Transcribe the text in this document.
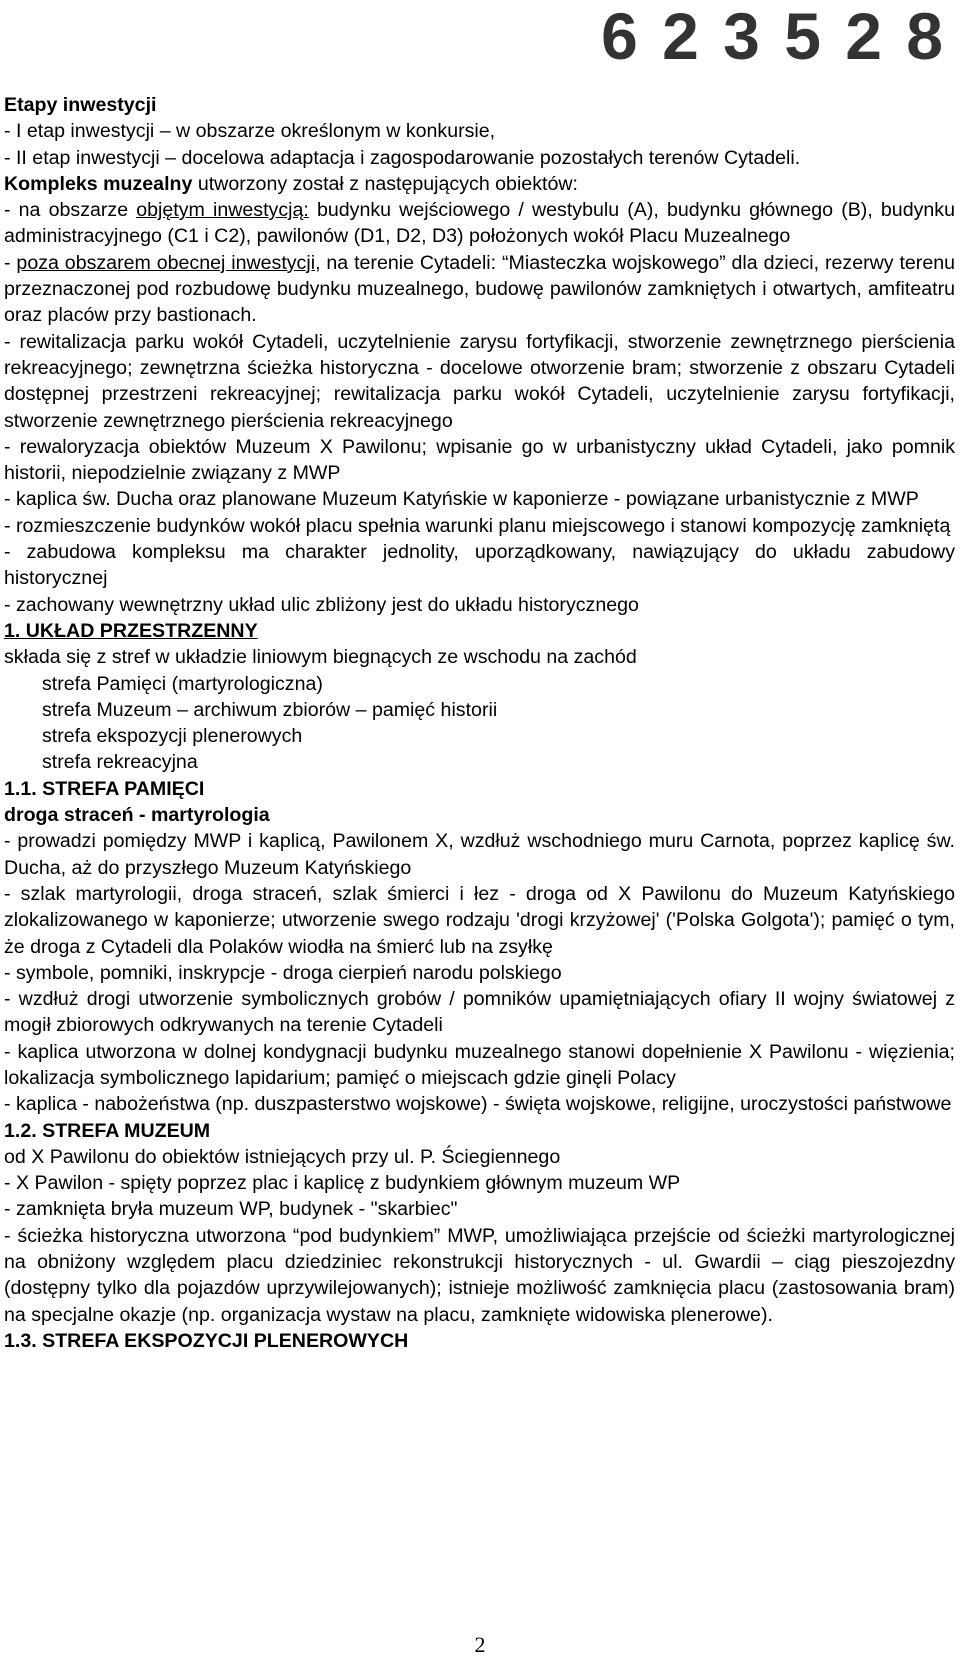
6 2 3 5 2 8

Etapy inwestycji

- I etap inwestycji – w obszarze określonym w konkursie,

- II etap inwestycji – docelowa adaptacja i zagospodarowanie pozostałych terenów Cytadeli.

Kompleks muzealny utworzony został z następujących obiektów:

- na obszarze objętym inwestycją: budynku wejściowego / westybulu (A), budynku głównego (B), budynku administracyjnego (C1 i C2), pawilonów (D1, D2, D3) położonych wokół Placu Muzealnego

- poza obszarem obecnej inwestycji, na terenie Cytadeli: “Miasteczka wojskowego” dla dzieci, rezerwy terenu przeznaczonej pod rozbudowę budynku muzealnego, budowę pawilonów zamkniętych i otwartych, amfiteatru oraz placów przy bastionach.

- rewitalizacja parku wokół Cytadeli, uczytelnienie zarysu fortyfikacji, stworzenie zewnętrznego pierścienia rekreacyjnego; zewnętrzna ścieżka historyczna - docelowe otworzenie bram; stworzenie z obszaru Cytadeli dostępnej przestrzeni rekreacyjnej; rewitalizacja parku wokół Cytadeli, uczytelnienie zarysu fortyfikacji, stworzenie zewnętrznego pierścienia rekreacyjnego

- rewaloryzacja obiektów Muzeum X Pawilonu; wpisanie go w urbanistyczny układ Cytadeli, jako pomnik historii, niepodzielnie związany z MWP

- kaplica św. Ducha oraz planowane Muzeum Katyńskie w kaponierze - powiązane urbanistycznie z MWP

- rozmieszczenie budynków wokół placu spełnia warunki planu miejscowego i stanowi kompozycję zamkniętą

- zabudowa kompleksu ma charakter jednolity, uporządkowany, nawiązujący do układu zabudowy historycznej

- zachowany wewnętrzny układ ulic zbliżony jest do układu historycznego

1. UKŁAD PRZESTRZENNY

składa się z stref w układzie liniowym biegnących ze wschodu na zachód

strefa Pamięci (martyrologiczna)

strefa Muzeum – archiwum zbiorów – pamięć historii

strefa ekspozycji plenerowych

strefa rekreacyjna

1.1. STREFA PAMIĘCI

droga straceń - martyrologia

- prowadzi pomiędzy MWP i kaplicą, Pawilonem X, wzdłuż wschodniego muru Carnota, poprzez kaplicę św. Ducha, aż do przyszłego Muzeum Katyńskiego

- szlak martyrologii, droga straceń, szlak śmierci i łez - droga od X Pawilonu do Muzeum Katyńskiego zlokalizowanego w kaponierze; utworzenie swego rodzaju 'drogi krzyżowej' ('Polska Golgota'); pamięć o tym, że droga z Cytadeli dla Polaków wiodła na śmierć lub na zsyłkę

- symbole, pomniki, inskrypcje - droga cierpień narodu polskiego

- wzdłuż drogi utworzenie symbolicznych grobów / pomników upamiętniających ofiary II wojny światowej z mogił zbiorowych odkrywanych na terenie Cytadeli

- kaplica utworzona w dolnej kondygnacji budynku muzealnego stanowi dopełnienie X Pawilonu - więzienia; lokalizacja symbolicznego lapidarium; pamięć o miejscach gdzie ginęli Polacy

- kaplica - nabożeństwa (np. duszpasterstwo wojskowe) - święta wojskowe, religijne, uroczystości państwowe

1.2. STREFA MUZEUM

od X Pawilonu do obiektów istniejących przy ul. P. Ściegiennego

- X Pawilon - spięty poprzez plac i kaplicę z budynkiem głównym muzeum WP

- zamknięta bryła muzeum WP, budynek - "skarbiec"

- ścieżka historyczna utworzona “pod budynkiem” MWP, umożliwiająca przejście od ścieżki martyrologicznej na obniżony względem placu dziedziniec rekonstrukcji historycznych - ul. Gwardii – ciąg pieszojezdny (dostępny tylko dla pojazdów uprzywilejowanych); istnieje możliwość zamknięcia placu (zastosowania bram) na specjalne okazje (np. organizacja wystaw na placu, zamknięte widowiska plenerowe).

1.3. STREFA EKSPOZYCJI PLENEROWYCH

2
